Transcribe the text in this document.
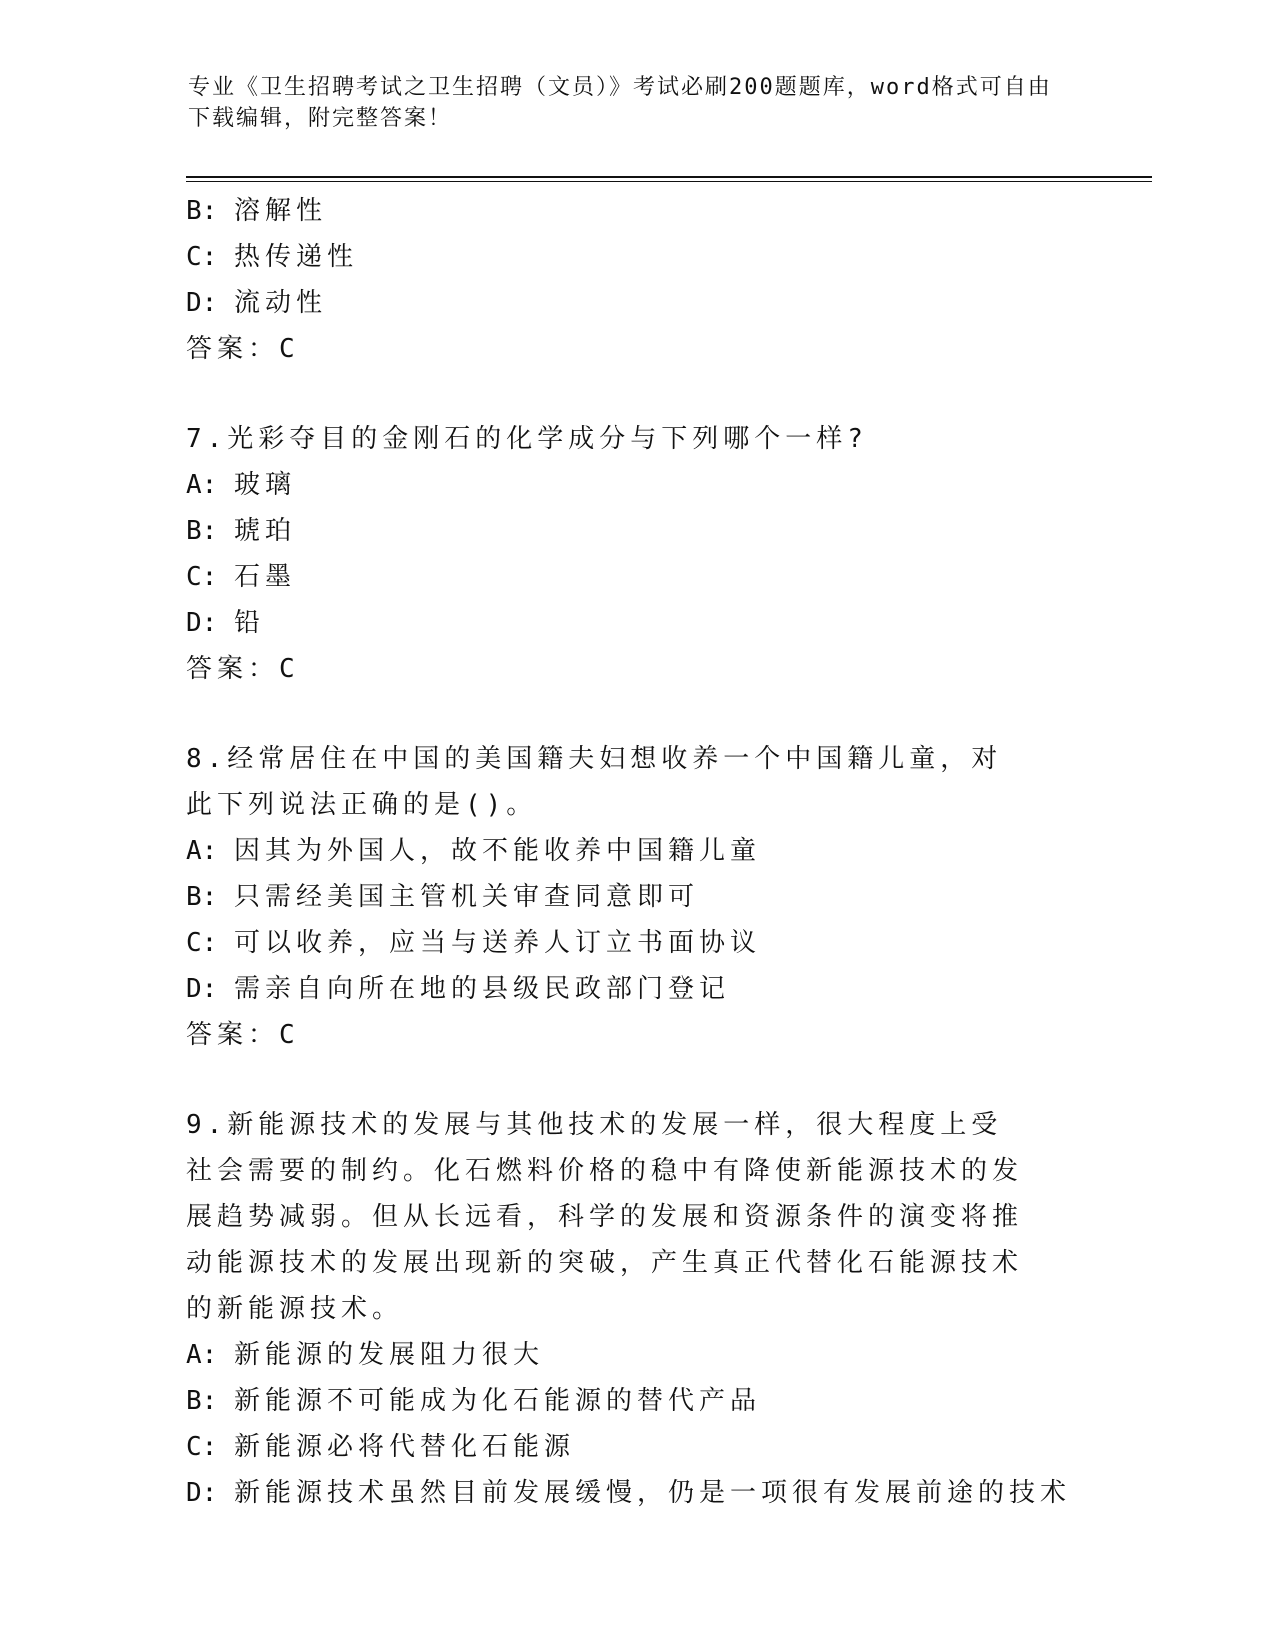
专业《卫生招聘考试之卫生招聘（文员）》考试必刷200题题库，word格式可自由下载编辑，附完整答案！
B: 溶解性
C: 热传递性
D: 流动性
答案：C
7.光彩夺目的金刚石的化学成分与下列哪个一样?
A: 玻璃
B: 琥珀
C: 石墨
D: 铅
答案：C
8.经常居住在中国的美国籍夫妇想收养一个中国籍儿童，对此下列说法正确的是()。
A: 因其为外国人，故不能收养中国籍儿童
B: 只需经美国主管机关审查同意即可
C: 可以收养，应当与送养人订立书面协议
D: 需亲自向所在地的县级民政部门登记
答案：C
9.新能源技术的发展与其他技术的发展一样，很大程度上受社会需要的制约。化石燃料价格的稳中有降使新能源技术的发展趋势减弱。但从长远看，科学的发展和资源条件的演变将推动能源技术的发展出现新的突破，产生真正代替化石能源技术的新能源技术。
A: 新能源的发展阻力很大
B: 新能源不可能成为化石能源的替代产品
C: 新能源必将代替化石能源
D: 新能源技术虽然目前发展缓慢，仍是一项很有发展前途的技术
